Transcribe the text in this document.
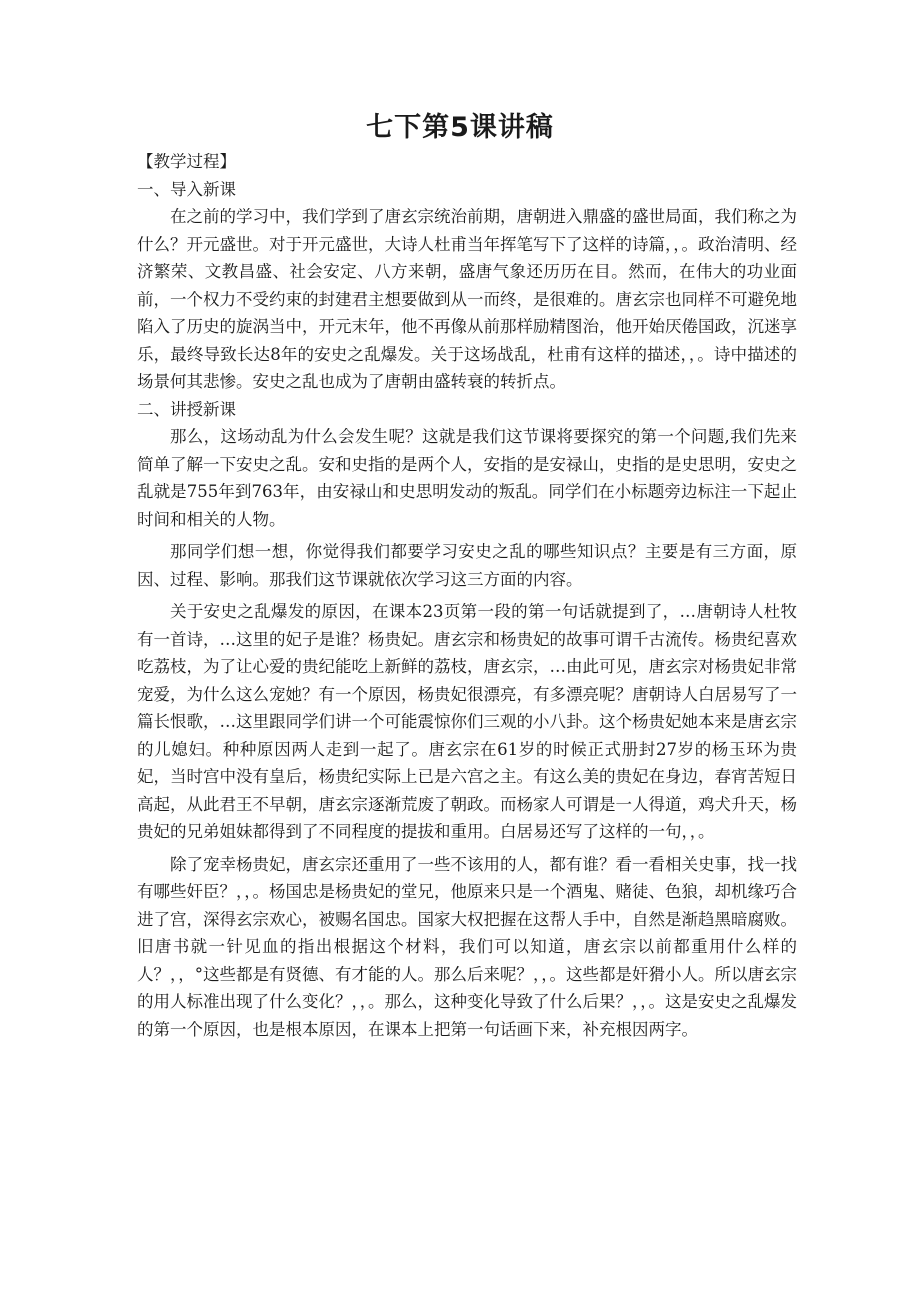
七下第5课讲稿

【教学过程】

一、导入新课

在之前的学习中，我们学到了唐玄宗统治前期，唐朝进入鼎盛的盛世局面，我们称之为什么？开元盛世。对于开元盛世，大诗人杜甫当年挥笔写下了这样的诗篇，，。政治清明、经济繁荣、文教昌盛、社会安定、八方来朝，盛唐气象还历历在目。然而，在伟大的功业面前，一个权力不受约束的封建君主想要做到从一而终，是很难的。唐玄宗也同样不可避免地陷入了历史的旋涡当中，开元末年，他不再像从前那样励精图治，他开始厌倦国政，沉迷享乐，最终导致长达8年的安史之乱爆发。关于这场战乱，杜甫有这样的描述，，。诗中描述的场景何其悲惨。安史之乱也成为了唐朝由盛转衰的转折点。

二、讲授新课

那么，这场动乱为什么会发生呢？这就是我们这节课将要探究的第一个问题,我们先来简单了解一下安史之乱。安和史指的是两个人，安指的是安禄山，史指的是史思明，安史之乱就是755年到763年，由安禄山和史思明发动的叛乱。同学们在小标题旁边标注一下起止时间和相关的人物。

那同学们想一想，你觉得我们都要学习安史之乱的哪些知识点？主要是有三方面，原因、过程、影响。那我们这节课就依次学习这三方面的内容。

关于安史之乱爆发的原因，在课本23页第一段的第一句话就提到了，…唐朝诗人杜牧有一首诗，…这里的妃子是谁？杨贵妃。唐玄宗和杨贵妃的故事可谓千古流传。杨贵纪喜欢吃荔枝，为了让心爱的贵纪能吃上新鲜的荔枝，唐玄宗，…由此可见，唐玄宗对杨贵妃非常宠爱，为什么这么宠她？有一个原因，杨贵妃很漂亮，有多漂亮呢？唐朝诗人白居易写了一篇长恨歌，…这里跟同学们讲一个可能震惊你们三观的小八卦。这个杨贵妃她本来是唐玄宗的儿媳妇。种种原因两人走到一起了。唐玄宗在61岁的时候正式册封27岁的杨玉环为贵妃，当时宫中没有皇后，杨贵纪实际上已是六宫之主。有这么美的贵妃在身边，春宵苦短日高起，从此君王不早朝，唐玄宗逐渐荒废了朝政。而杨家人可谓是一人得道，鸡犬升天，杨贵妃的兄弟姐妹都得到了不同程度的提拔和重用。白居易还写了这样的一句，，。

除了宠幸杨贵妃，唐玄宗还重用了一些不该用的人，都有谁？看一看相关史事，找一找有哪些奸臣？，，。杨国忠是杨贵妃的堂兄，他原来只是一个酒鬼、赌徒、色狼，却机缘巧合进了宫，深得玄宗欢心，被赐名国忠。国家大权把握在这帮人手中，自然是渐趋黑暗腐败。旧唐书就一针见血的指出根据这个材料，我们可以知道，唐玄宗以前都重用什么样的人？，，°这些都是有贤德、有才能的人。那么后来呢？，，。这些都是奸猾小人。所以唐玄宗的用人标准出现了什么变化？，，。那么，这种变化导致了什么后果？，，。这是安史之乱爆发的第一个原因，也是根本原因，在课本上把第一句话画下来，补充根因两字。
